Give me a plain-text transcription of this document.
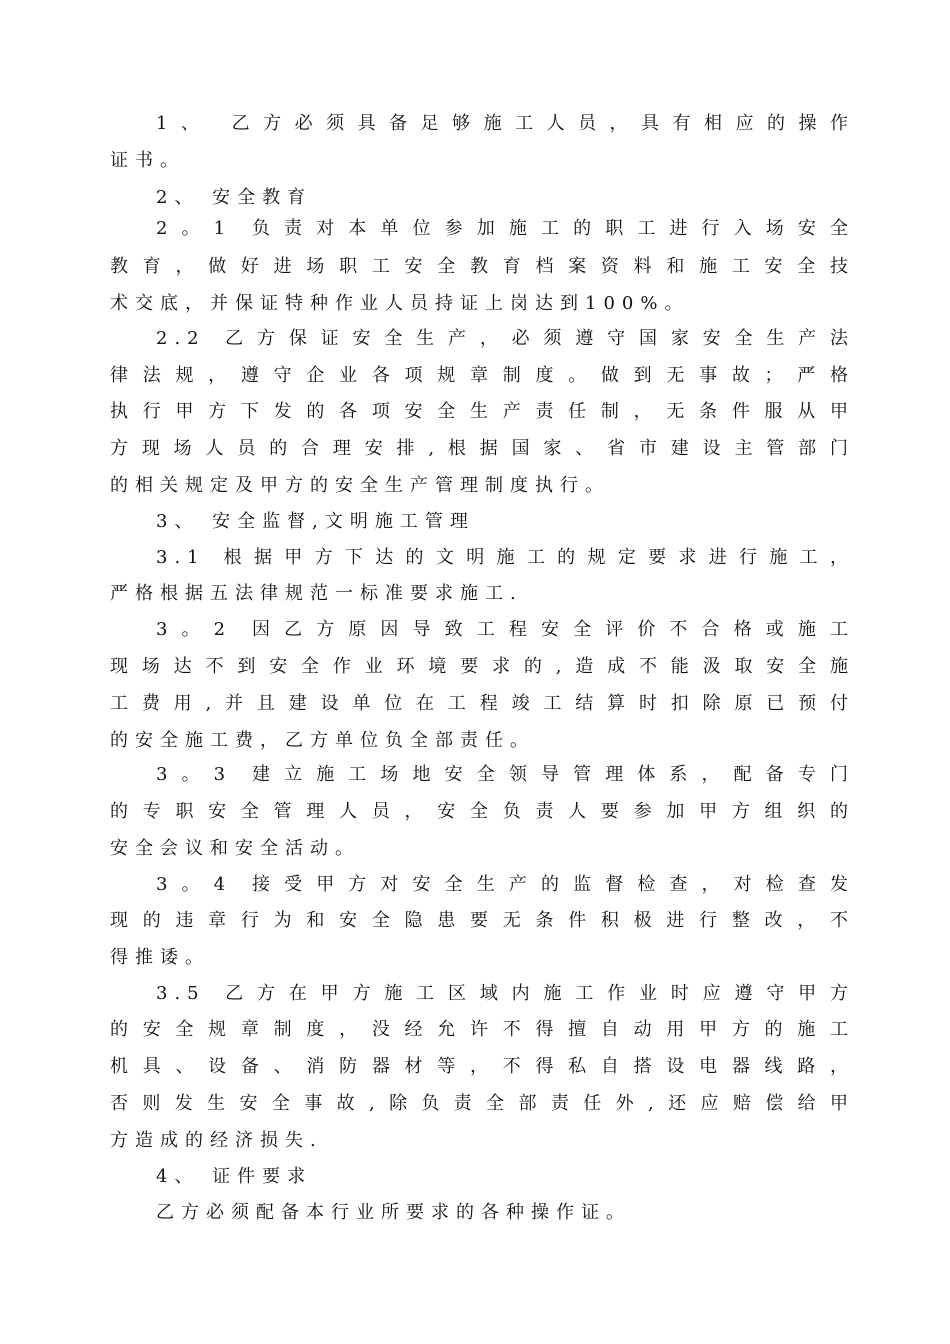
1、 乙方必须具备足够施工人员，具有相应的操作
证书。
2、 安全教育
2。1 负责对本单位参加施工的职工进行入场安全
教育，做好进场职工安全教育档案资料和施工安全技
术交底，并保证特种作业人员持证上岗达到100%。
2.2 乙方保证安全生产，必须遵守国家安全生产法
律法规，遵守企业各项规章制度。做到无事故；严格
执行甲方下发的各项安全生产责任制，无条件服从甲
方现场人员的合理安排,根据国家、省市建设主管部门
的相关规定及甲方的安全生产管理制度执行。
3、 安全监督,文明施工管理
3.1 根据甲方下达的文明施工的规定要求进行施工，
严格根据五法律规范一标准要求施工.
3。2 因乙方原因导致工程安全评价不合格或施工
现场达不到安全作业环境要求的,造成不能汲取安全施
工费用,并且建设单位在工程竣工结算时扣除原已预付
的安全施工费，乙方单位负全部责任。
3。3 建立施工场地安全领导管理体系，配备专门
的专职安全管理人员，安全负责人要参加甲方组织的
安全会议和安全活动。
3。4 接受甲方对安全生产的监督检查，对检查发
现的违章行为和安全隐患要无条件积极进行整改，不
得推诿。
3.5 乙方在甲方施工区域内施工作业时应遵守甲方
的安全规章制度，没经允许不得擅自动用甲方的施工
机具、设备、消防器材等，不得私自搭设电器线路，
否则发生安全事故,除负责全部责任外,还应赔偿给甲
方造成的经济损失.
4、 证件要求
乙方必须配备本行业所要求的各种操作证。
